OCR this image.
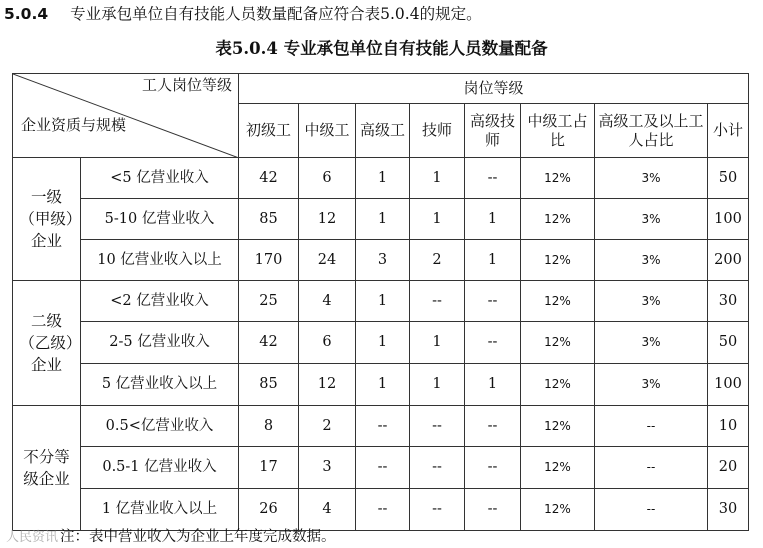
5.0.4 专业承包单位自有技能人员数量配备应符合表5.0.4的规定。
表5.0.4 专业承包单位自有技能人员数量配备
工人岗位等级
企业资质与规模		岗位等级							
		初级工	中级工	高级工	技师	高级技师	中级工占比	高级工及以上工人占比	小计
一级（甲级）企业	<5 亿营业收入	42	6	1	1	--	12%	3%	50
	5-10 亿营业收入	85	12	1	1	1	12%	3%	100
	10 亿营业收入以上	170	24	3	2	1	12%	3%	200
二级（乙级）企业	<2 亿营业收入	25	4	1	--	--	12%	3%	30
	2-5 亿营业收入	42	6	1	1	--	12%	3%	50
	5 亿营业收入以上	85	12	1	1	1	12%	3%	100
不分等级企业	0.5<亿营业收入	8	2	--	--	--	12%	--	10
	0.5-1 亿营业收入	17	3	--	--	--	12%	--	20
	1 亿营业收入以上	26	4	--	--	--	12%	--	30
人民资讯 注：表中营业收入为企业上年度完成数据。
